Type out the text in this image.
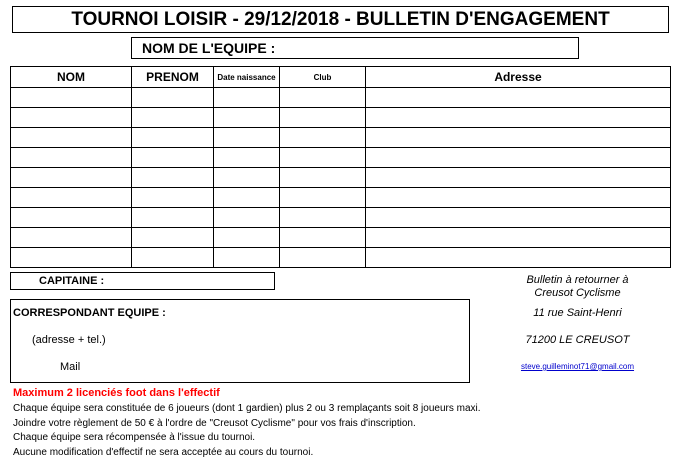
TOURNOI LOISIR - 29/12/2018 - BULLETIN D'ENGAGEMENT
NOM DE L'EQUIPE :
NOM	PRENOM	Date naissance	Club	Adresse

CAPITAINE :
CORRESPONDANT EQUIPE :
(adresse + tel.)
Mail
Bulletin à retourner à
Creusot Cyclisme
11 rue Saint-Henri
71200 LE CREUSOT
steve.guilleminot71@gmail.com
Maximum 2 licenciés foot dans l'effectif
Chaque équipe sera constituée de 6 joueurs (dont 1 gardien) plus 2 ou 3 remplaçants soit 8 joueurs maxi.
Joindre votre règlement de 50 € à l'ordre de "Creusot Cyclisme" pour vos frais d'inscription.
Chaque équipe sera récompensée à l'issue du tournoi.
Aucune modification d'effectif ne sera acceptée au cours du tournoi.
